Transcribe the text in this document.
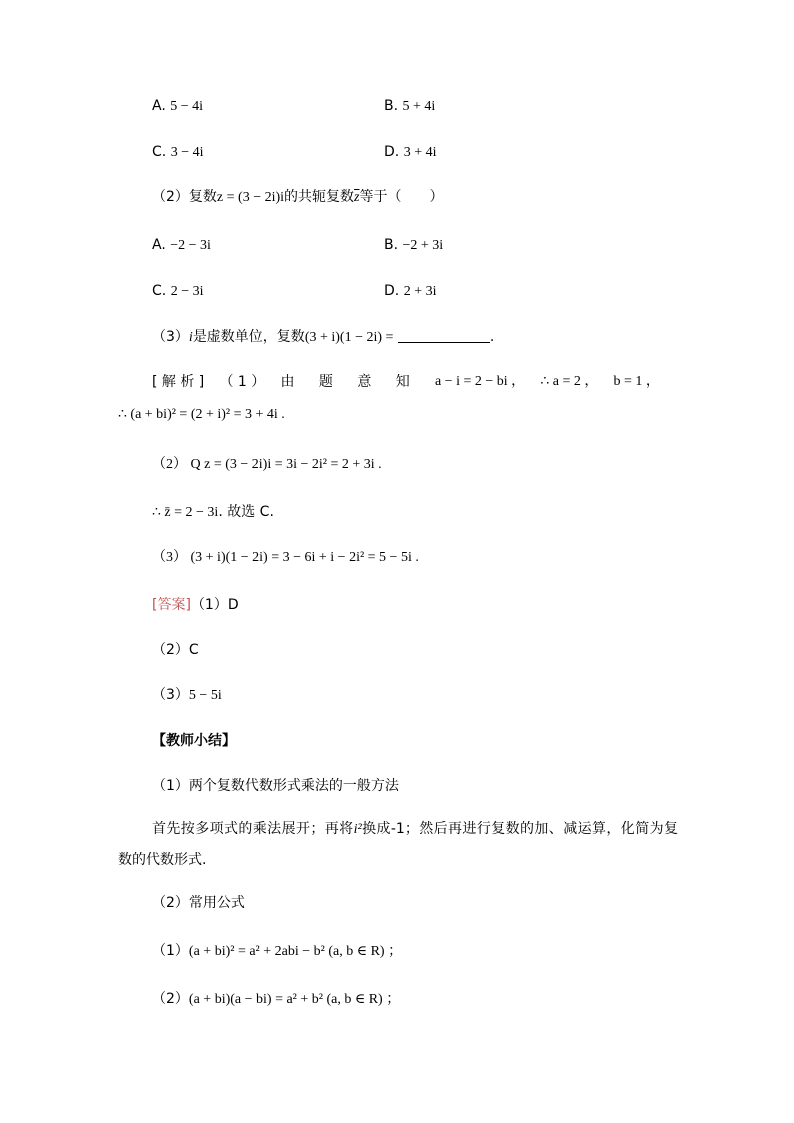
A. 5 − 4i	B. 5 + 4i
C. 3 − 4i	D. 3 + 4i
（2）复数z = (3 − 2i)i的共轭复数$\overline{z}$等于（　　）
A. −2 − 3i	B. −2 + 3i
C. 2 − 3i	D. 2 + 3i
（3）i是虚数单位，复数(3 + i)(1 − 2i) =	.
[ 解 析 ] （ 1 ） 由 题 意 知 a − i = 2 − bi ， ∴ a = 2 ， b = 1 ，
∴ (a + bi)² = (2 + i)² = 3 + 4i .
（2） Q z = (3 − 2i)i = 3i − 2i² = 2 + 3i .
∴ z̄ = 2 − 3i. 故选 C.
（3） (3 + i)(1 − 2i) = 3 − 6i + i − 2i² = 5 − 5i .
[答案]（1）D
（2）C
（3）5 − 5i
【教师小结】
（1）两个复数代数形式乘法的一般方法
首先按多项式的乘法展开；再将i²换成-1；然后再进行复数的加、减运算，化简为复数的代数形式.
（2）常用公式
（1）(a + bi)² = a² + 2abi − b² (a, b ∈ R) ；
（2）(a + bi)(a − bi) = a² + b² (a, b ∈ R) ；
